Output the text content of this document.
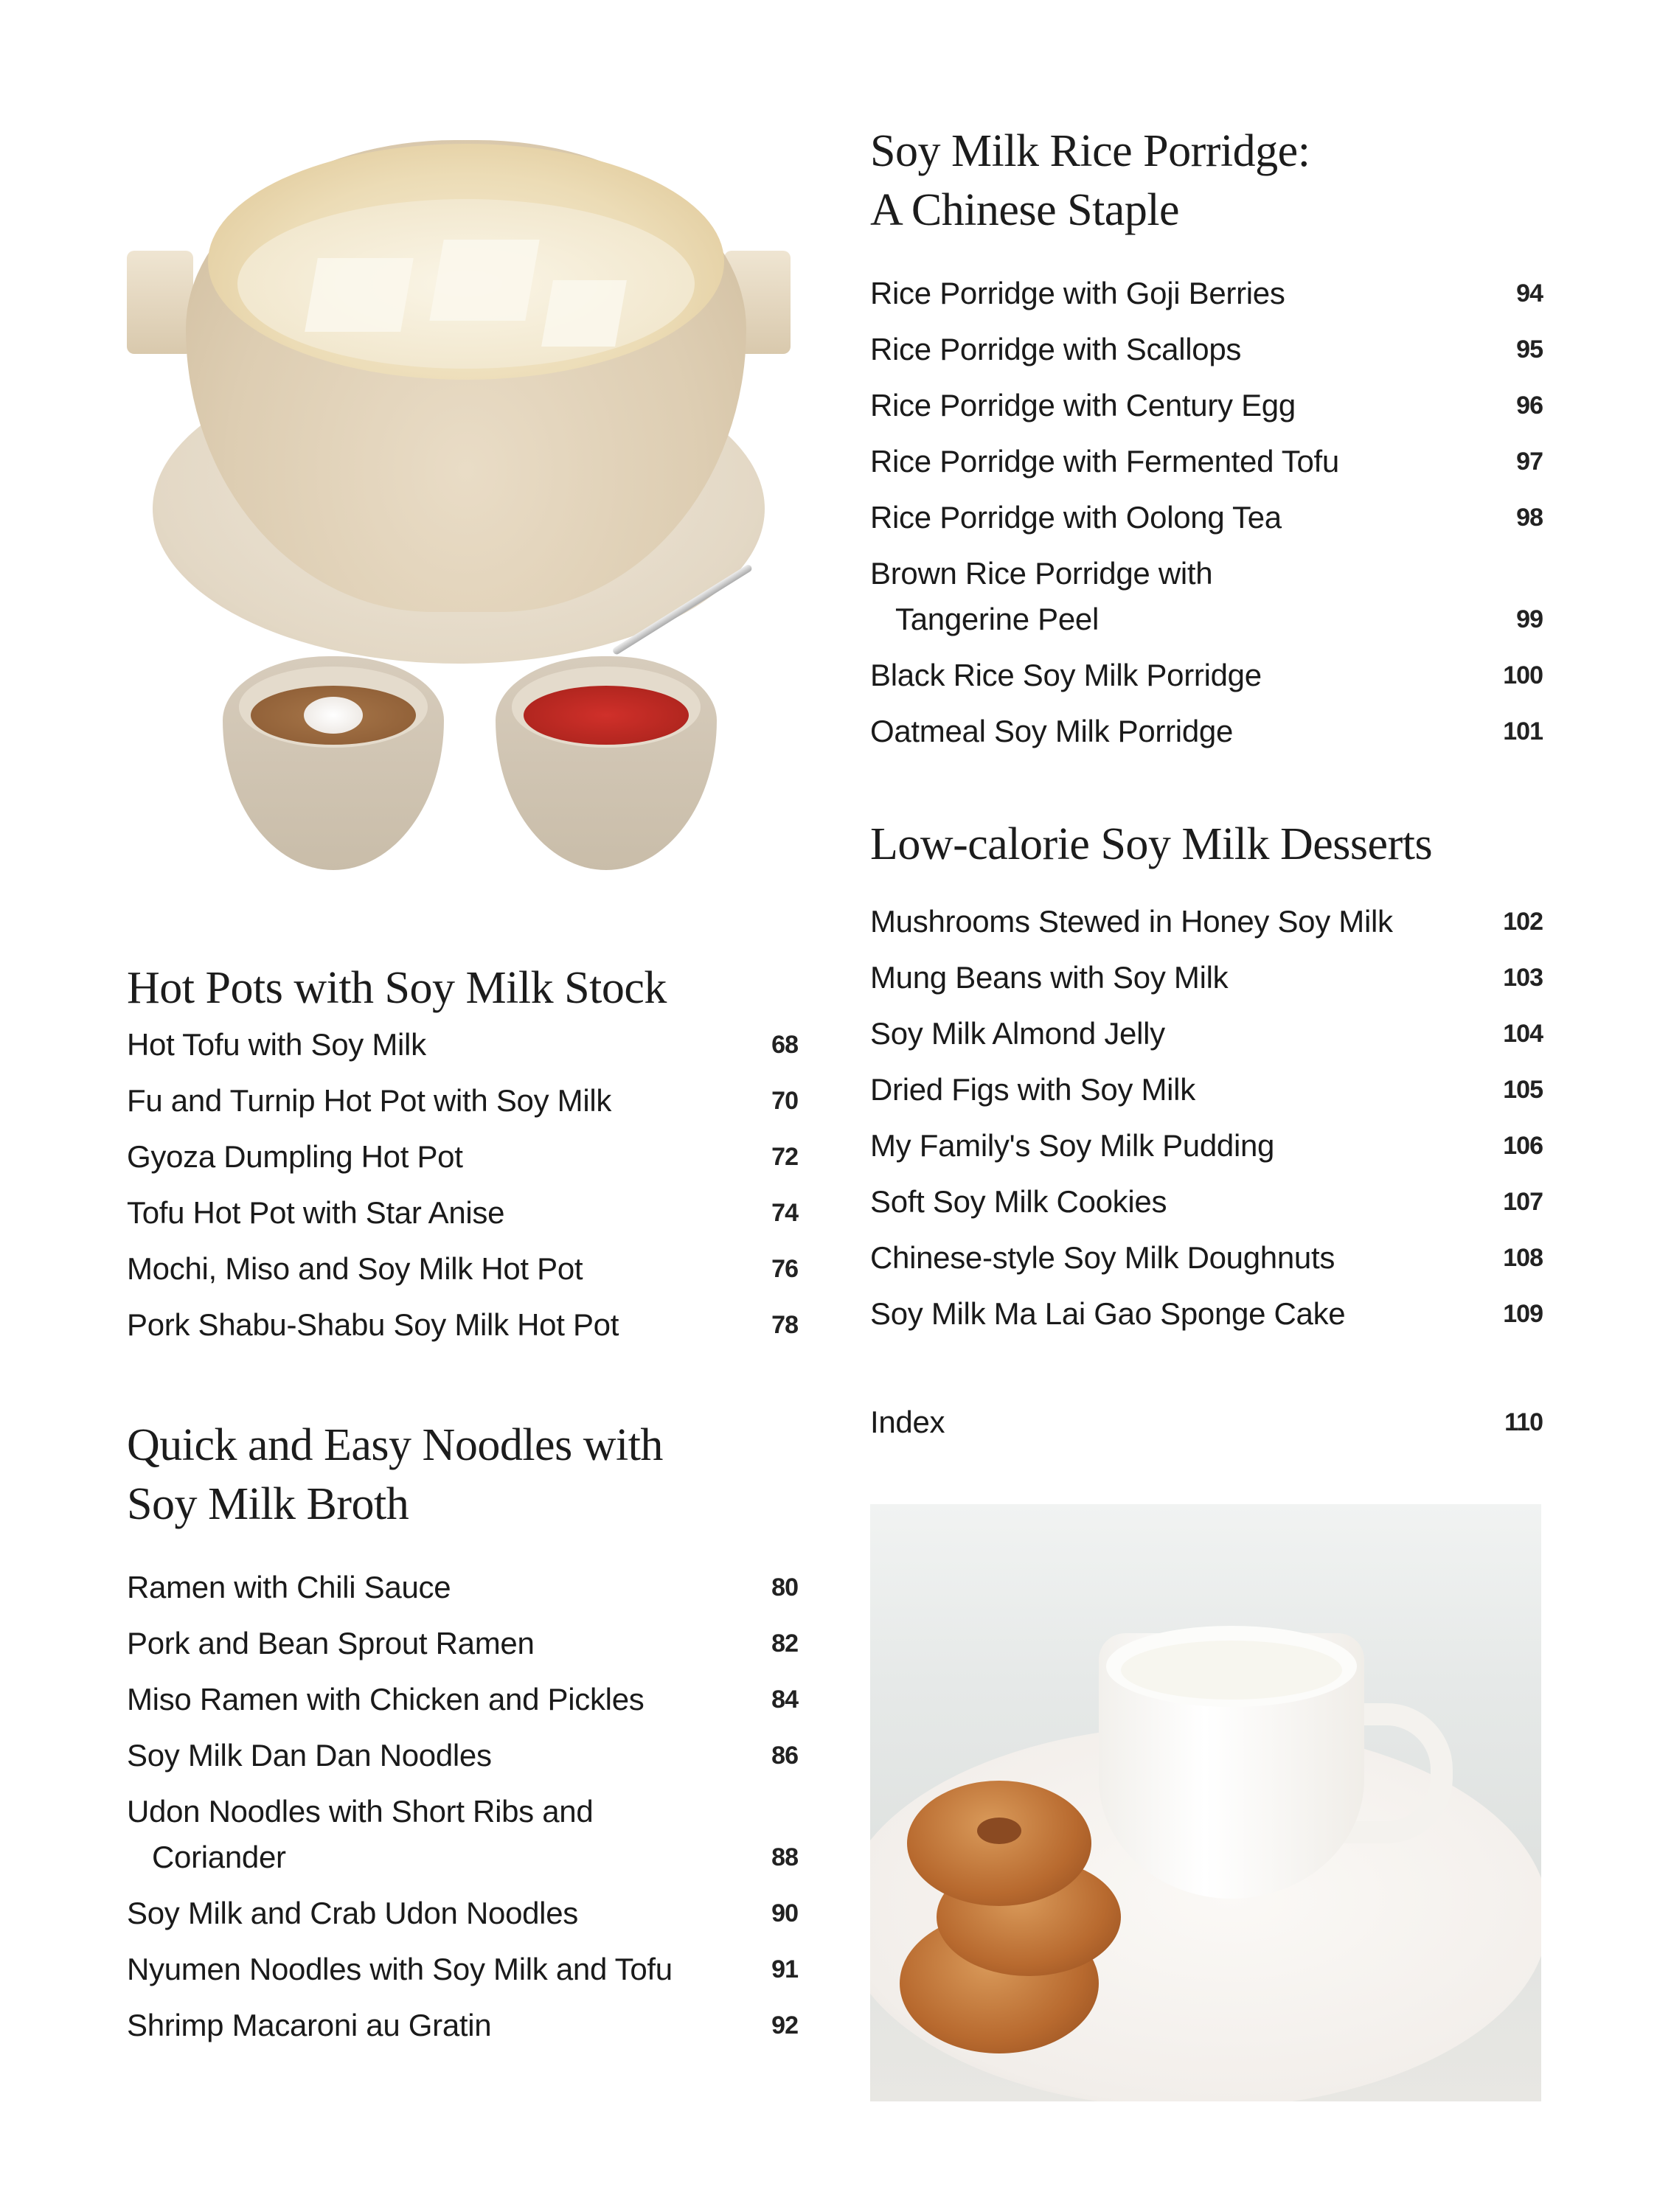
Hot Pots with Soy Milk Stock
Hot Tofu with Soy Milk	68
Fu and Turnip Hot Pot with Soy Milk	70
Gyoza Dumpling Hot Pot	72
Tofu Hot Pot with Star Anise	74
Mochi, Miso and Soy Milk Hot Pot	76
Pork Shabu-Shabu Soy Milk Hot Pot	78
Quick and Easy Noodles with
Soy Milk Broth
Ramen with Chili Sauce	80
Pork and Bean Sprout Ramen	82
Miso Ramen with Chicken and Pickles	84
Soy Milk Dan Dan Noodles	86
Udon Noodles with Short Ribs and
Coriander	88
Soy Milk and Crab Udon Noodles	90
Nyumen Noodles with Soy Milk and Tofu	91
Shrimp Macaroni au Gratin	92
Soy Milk Rice Porridge:
A Chinese Staple
Rice Porridge with Goji Berries	94
Rice Porridge with Scallops	95
Rice Porridge with Century Egg	96
Rice Porridge with Fermented Tofu	97
Rice Porridge with Oolong Tea	98
Brown Rice Porridge with
Tangerine Peel	99
Black Rice Soy Milk Porridge	100
Oatmeal Soy Milk Porridge	101
Low-calorie Soy Milk Desserts
Mushrooms Stewed in Honey Soy Milk	102
Mung Beans with Soy Milk	103
Soy Milk Almond Jelly	104
Dried Figs with Soy Milk	105
My Family's Soy Milk Pudding	106
Soft Soy Milk Cookies	107
Chinese-style Soy Milk Doughnuts	108
Soy Milk Ma Lai Gao Sponge Cake	109
Index	110
